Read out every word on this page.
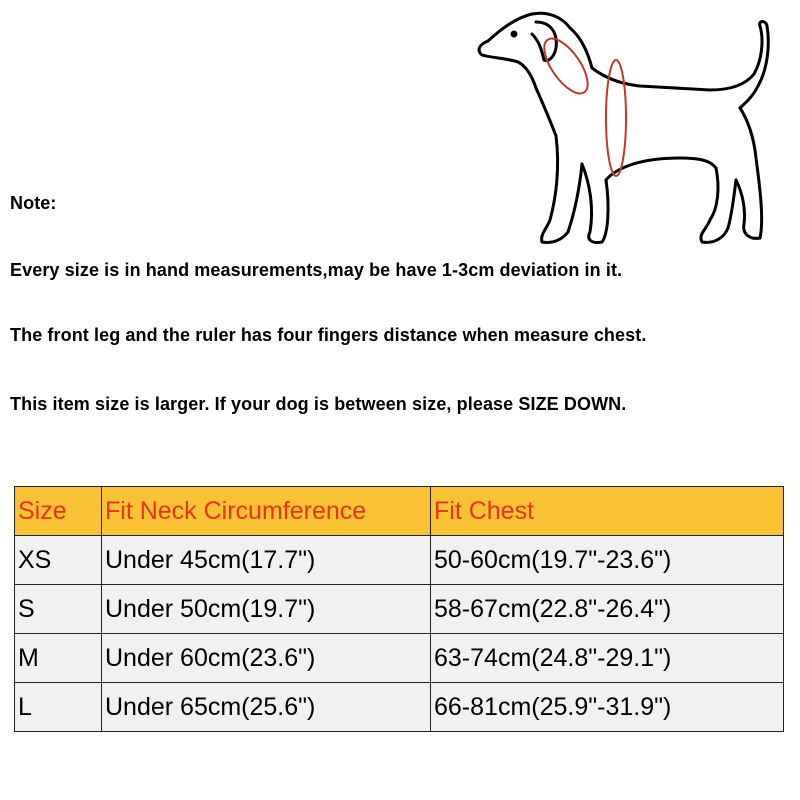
Note:
Every size is in hand measurements,may be have 1-3cm deviation in it.
The front leg and the ruler has four fingers distance when measure chest.
This item size is larger. If your dog is between size, please SIZE DOWN.
Size	Fit Neck Circumference	Fit Chest
XS	Under 45cm(17.7")	50-60cm(19.7"-23.6")
S	Under 50cm(19.7")	58-67cm(22.8"-26.4")
M	Under 60cm(23.6")	63-74cm(24.8"-29.1")
L	Under 65cm(25.6")	66-81cm(25.9"-31.9")
